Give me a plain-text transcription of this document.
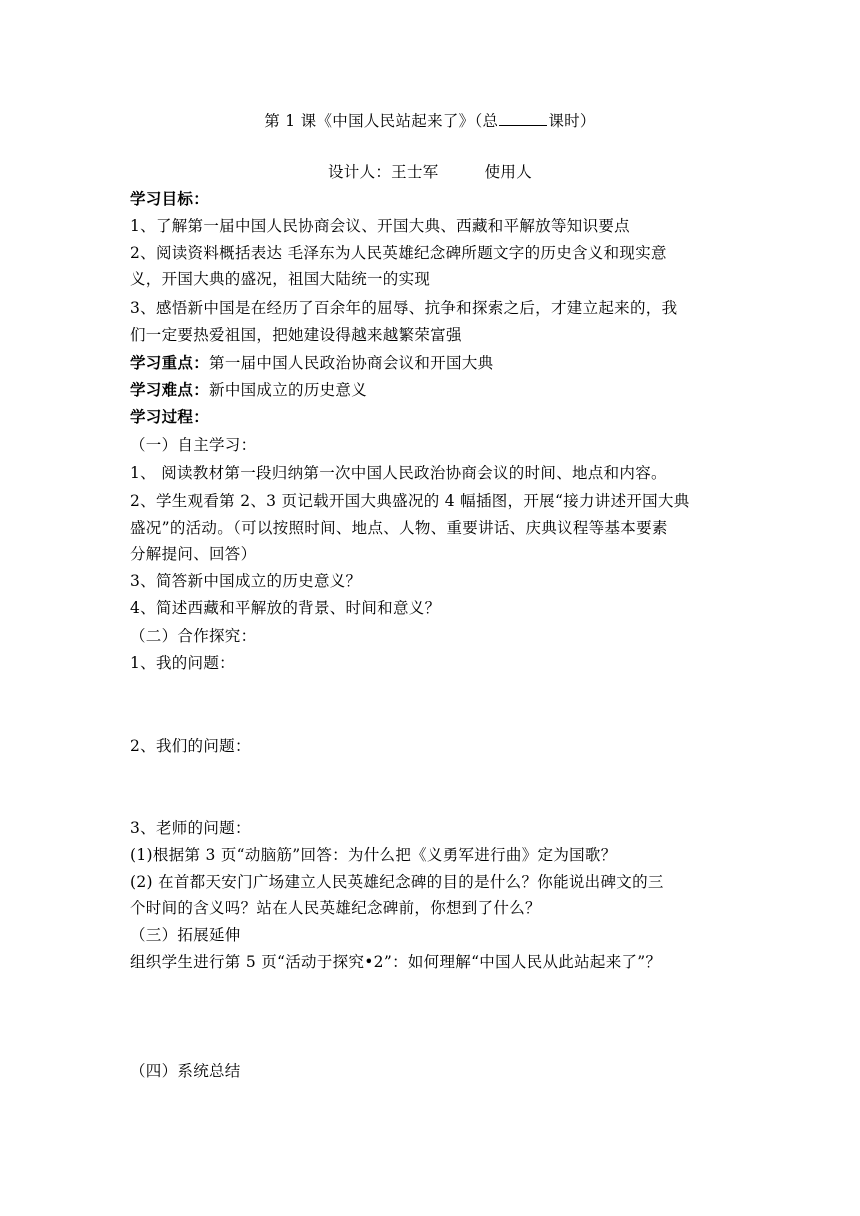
第 1 课《中国人民站起来了》（总	课时）
设计人：王士军	使用人
学习目标：
1、了解第一届中国人民协商会议、开国大典、西藏和平解放等知识要点
2、阅读资料概括表达 毛泽东为人民英雄纪念碑所题文字的历史含义和现实意
义，开国大典的盛况，祖国大陆统一的实现
3、感悟新中国是在经历了百余年的屈辱、抗争和探索之后，才建立起来的，我
们一定要热爱祖国，把她建设得越来越繁荣富强
学习重点：第一届中国人民政治协商会议和开国大典
学习难点：新中国成立的历史意义
学习过程：
（一）自主学习：
1、 阅读教材第一段归纳第一次中国人民政治协商会议的时间、地点和内容。
2、学生观看第 2、3 页记载开国大典盛况的 4 幅插图，开展“接力讲述开国大典
盛况”的活动。（可以按照时间、地点、人物、重要讲话、庆典议程等基本要素
分解提问、回答）
3、简答新中国成立的历史意义？
4、简述西藏和平解放的背景、时间和意义？
（二）合作探究：
1、我的问题：
2、我们的问题：
3、老师的问题：
(1)根据第 3 页“动脑筋”回答：为什么把《义勇军进行曲》定为国歌？
(2) 在首都天安门广场建立人民英雄纪念碑的目的是什么？你能说出碑文的三
个时间的含义吗？站在人民英雄纪念碑前，你想到了什么？
（三）拓展延伸
组织学生进行第 5 页“活动于探究•2”：如何理解“中国人民从此站起来了”？
（四）系统总结
